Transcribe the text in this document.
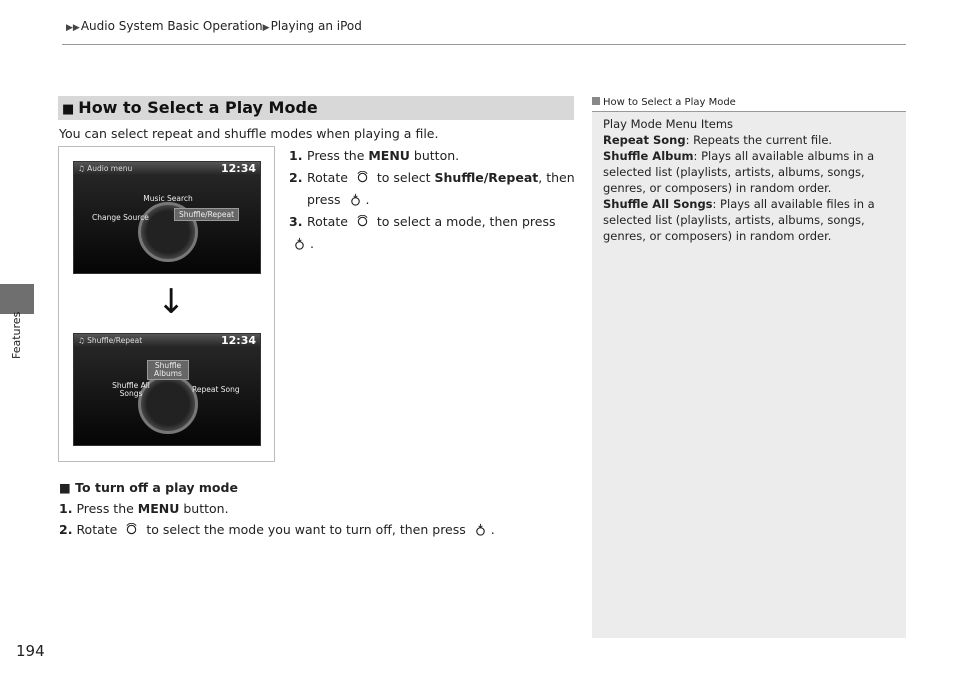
▶▶Audio System Basic Operation▶Playing an iPod
Features
194
■ How to Select a Play Mode
You can select repeat and shuffle modes when playing a file.
1. Press the MENU button.
2. Rotate  to select Shuffle/Repeat, then
press .
3. Rotate  to select a mode, then press .
♫ Audio menu	12:34
Music Search
Change Source	Shuffle/Repeat
↓
♫ Shuffle/Repeat	12:34
Shuffle Albums
Shuffle All Songs	Repeat Song
■ To turn off a play mode
1. Press the MENU button.
2. Rotate  to select the mode you want to turn off, then press .
How to Select a Play Mode
Play Mode Menu Items
Repeat Song: Repeats the current file.
Shuffle Album: Plays all available albums in a selected list (playlists, artists, albums, songs, genres, or composers) in random order.
Shuffle All Songs: Plays all available files in a selected list (playlists, artists, albums, songs, genres, or composers) in random order.
